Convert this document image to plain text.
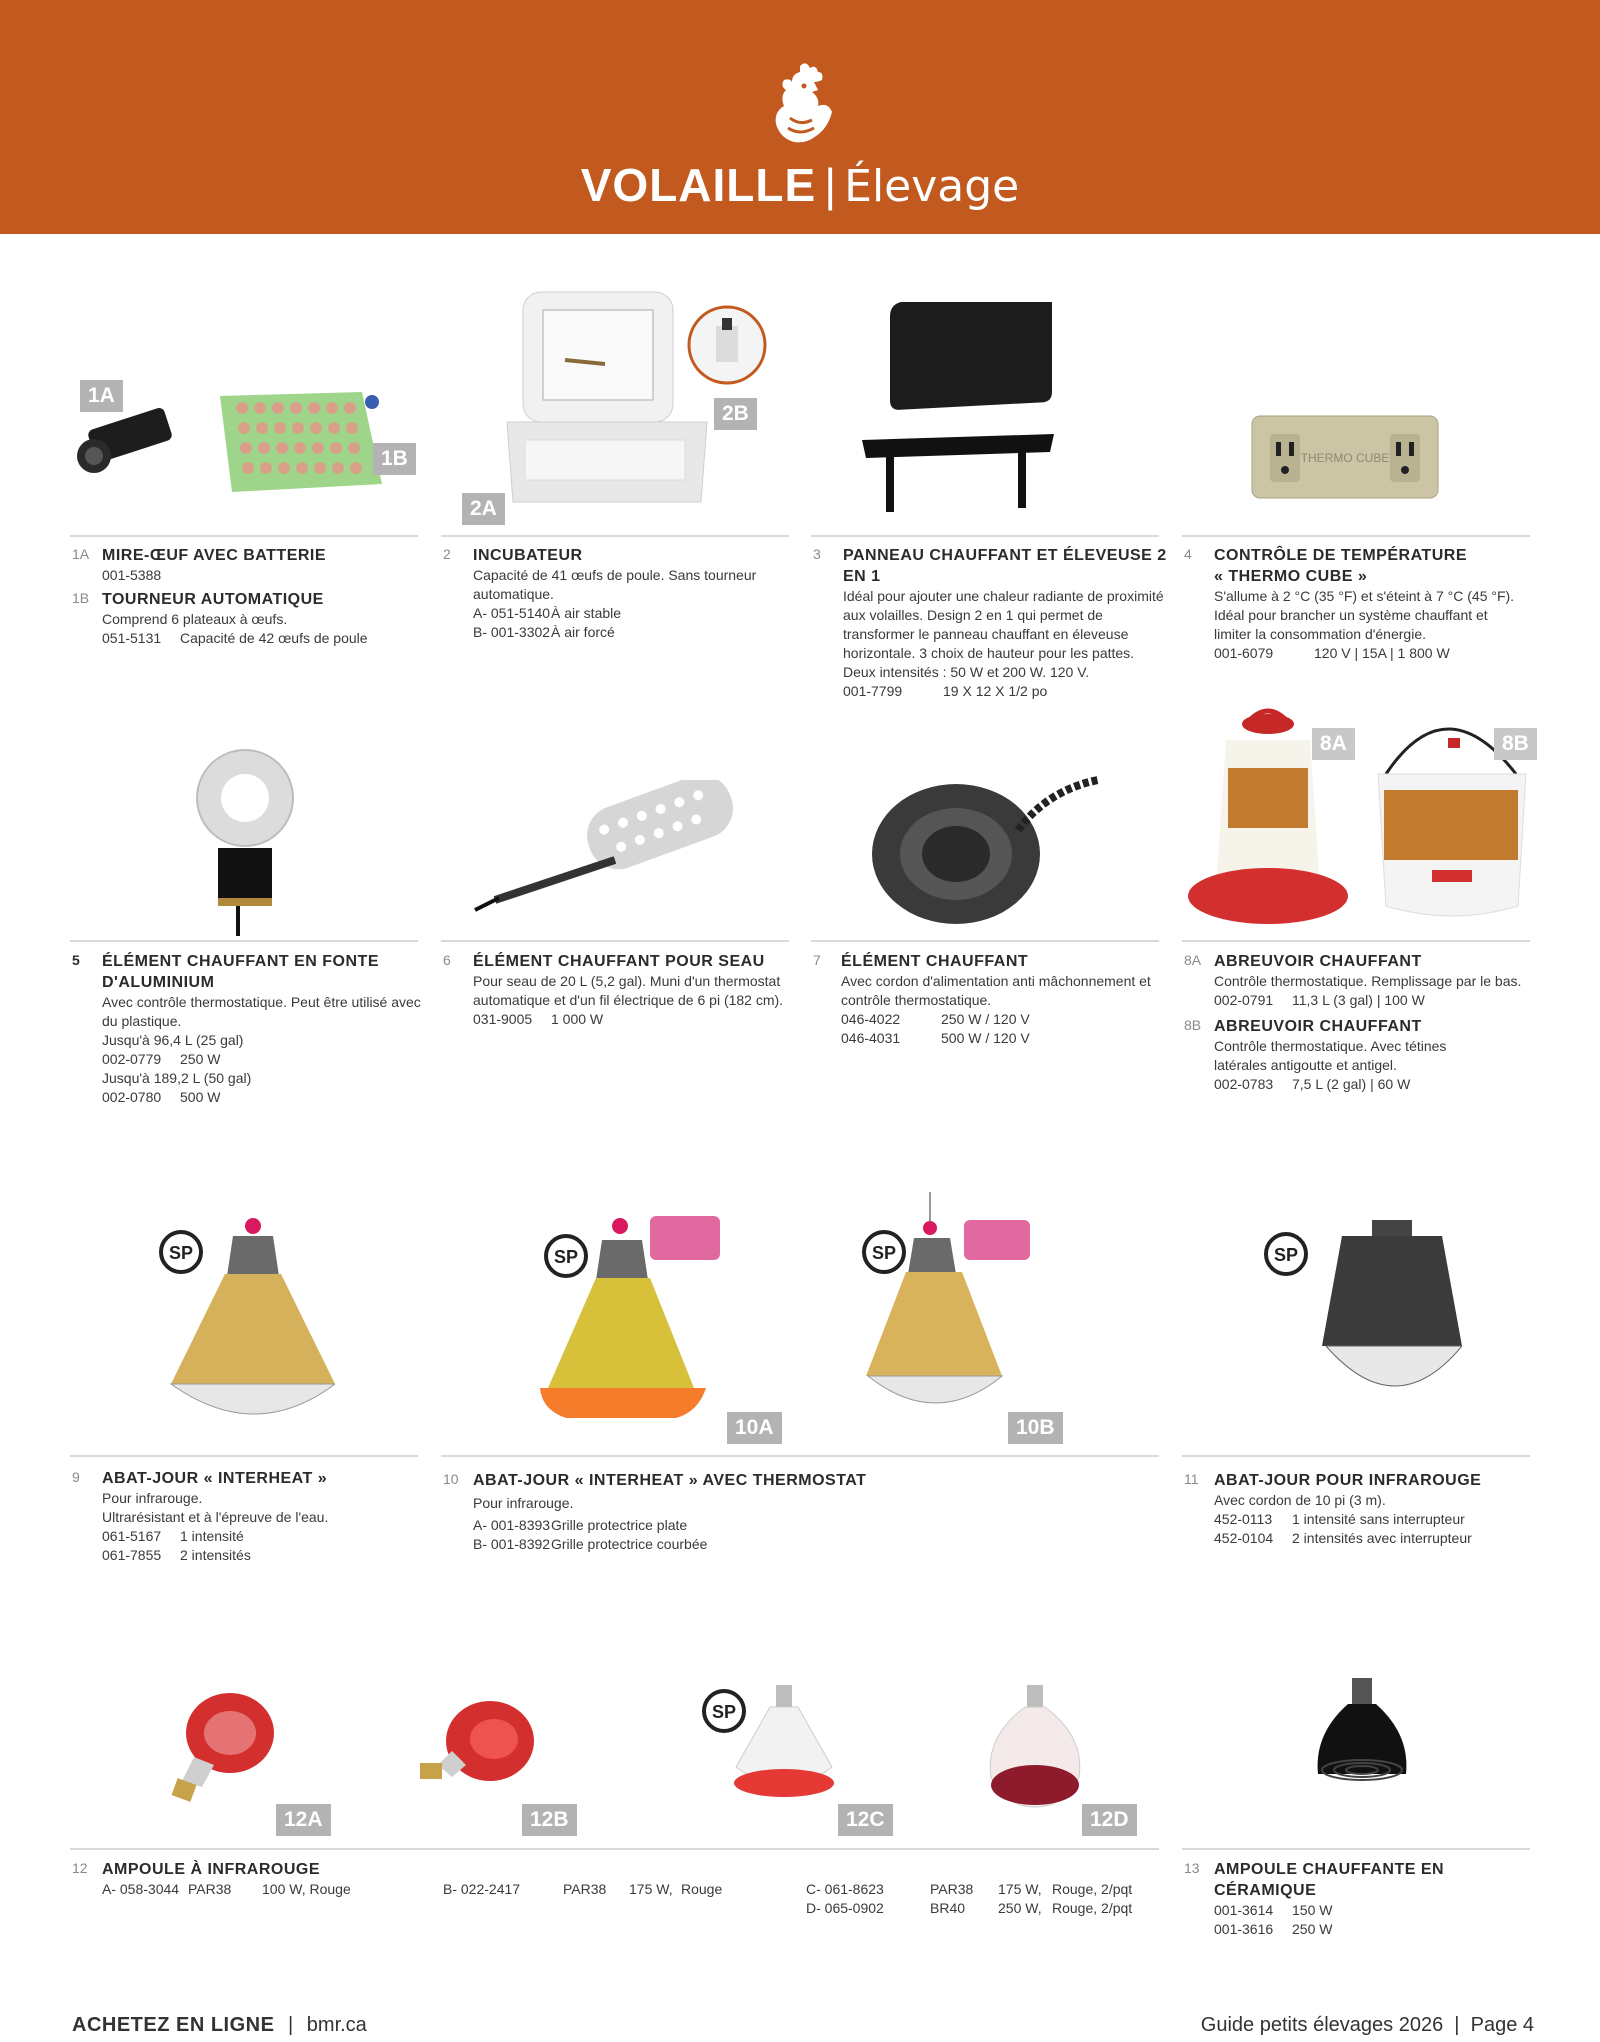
VOLAILLE | Élevage
1A
1B
2B
2A
THERMO CUBE
1A MIRE-ŒUF AVEC BATTERIE
001-5388
1B TOURNEUR AUTOMATIQUE
Comprend 6 plateaux à œufs.
051-5131 Capacité de 42 œufs de poule
2 INCUBATEUR
Capacité de 41 œufs de poule. Sans tourneur
automatique.
A- 051-5140À air stable
B- 001-3302À air forcé
3 PANNEAU CHAUFFANT ET ÉLEVEUSE 2 EN 1
Idéal pour ajouter une chaleur radiante de proximité
aux volailles. Design 2 en 1 qui permet de
transformer le panneau chauffant en éleveuse
horizontale. 3 choix de hauteur pour les pattes.
Deux intensités : 50 W et 200 W. 120 V.
001-7799	19 X 12 X 1/2 po
4 CONTRÔLE DE TEMPÉRATURE
« THERMO CUBE »
S'allume à 2 °C (35 °F) et s'éteint à 7 °C (45 °F).
Idéal pour brancher un système chauffant et
limiter la consommation d'énergie.
001-6079	120 V | 15A | 1 800 W
8A	8B
5 ÉLÉMENT CHAUFFANT EN FONTE
D'ALUMINIUM
Avec contrôle thermostatique. Peut être utilisé avec
du plastique.
Jusqu'à 96,4 L (25 gal)
002-0779 250 W
Jusqu'à 189,2 L (50 gal)
002-0780 500 W
6 ÉLÉMENT CHAUFFANT POUR SEAU
Pour seau de 20 L (5,2 gal). Muni d'un thermostat
automatique et d'un fil électrique de 6 pi (182 cm).
031-9005 1 000 W
7 ÉLÉMENT CHAUFFANT
Avec cordon d'alimentation anti mâchonnement et
contrôle thermostatique.
046-4022	250 W / 120 V
046-4031	500 W / 120 V
8A ABREUVOIR CHAUFFANT
Contrôle thermostatique. Remplissage par le bas.
002-0791 11,3 L (3 gal) | 100 W
8B ABREUVOIR CHAUFFANT
Contrôle thermostatique. Avec tétines
latérales antigoutte et antigel.
002-0783 7,5 L (2 gal) | 60 W
SP	SP
10A
SP
10B
SP
9 ABAT-JOUR « INTERHEAT »
Pour infrarouge.
Ultrarésistant et à l'épreuve de l'eau.
061-5167 1 intensité
061-7855 2 intensités
10 ABAT-JOUR « INTERHEAT » AVEC THERMOSTAT
Pour infrarouge.
A- 001-8393Grille protectrice plate
B- 001-8392Grille protectrice courbée
11 ABAT-JOUR POUR INFRAROUGE
Avec cordon de 10 pi (3 m).
452-0113 1 intensité sans interrupteur
452-0104 2 intensités avec interrupteur
12A	12B
SP
12C	12D
12 AMPOULE À INFRAROUGE
A- 058-3044 PAR38 100 W, Rouge	B- 022-2417	PAR38 175 W, Rouge	C- 061-8623	PAR38 175 W, Rouge, 2/pqt
D- 065-0902	BR40 250 W, Rouge, 2/pqt
13 AMPOULE CHAUFFANTE EN CÉRAMIQUE
001-3614 150 W
001-3616 250 W
ACHETEZ EN LIGNE | bmr.ca	Guide petits élevages 2026  |  Page 4
